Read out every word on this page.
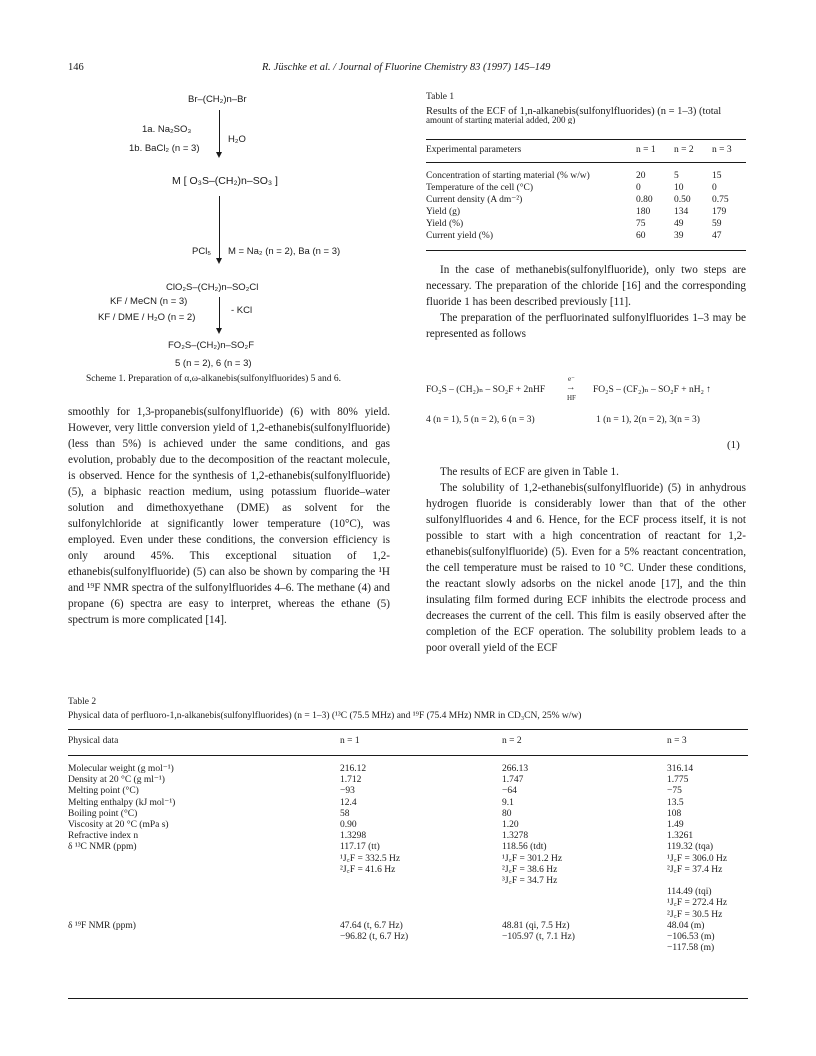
146	R. Jüschke et al. / Journal of Fluorine Chemistry 83 (1997) 145–149
Br–(CH₂)n–Br
1a. Na₂SO₃
1b. BaCl₂ (n = 3)
H₂O
M [ O₃S–(CH₂)n–SO₃ ]
PCl₅ M = Na₂ (n = 2), Ba (n = 3)
ClO₂S–(CH₂)n–SO₂Cl
KF / MeCN (n = 3)
KF / DME / H₂O (n = 2)
- KCl
FO₂S–(CH₂)n–SO₂F
5 (n = 2), 6 (n = 3)
Scheme 1. Preparation of α,ω-alkanebis(sulfonylfluorides) 5 and 6.

smoothly for 1,3-propanebis(sulfonylfluoride) (6) with 80% yield. However, very little conversion yield of 1,2-ethanebis(sulfonylfluoride) (less than 5%) is achieved under the same conditions, and gas evolution, probably due to the decomposition of the reactant molecule, is observed. Hence for the synthesis of 1,2-ethanebis(sulfonylfluoride) (5), a biphasic reaction medium, using potassium fluoride–water solution and dimethoxyethane (DME) as solvent for the sulfonylchloride at significantly lower temperature (10°C), was employed. Even under these conditions, the conversion efficiency is only around 45%. This exceptional situation of 1,2-ethanebis(sulfonylfluoride) (5) can also be shown by comparing the ¹H and ¹⁹F NMR spectra of the sulfonylfluorides 4–6. The methane (4) and propane (6) spectra are easy to interpret, whereas the ethane (5) spectrum is more complicated [14].

Table 1
Results of the ECF of 1,n-alkanebis(sulfonylfluorides) (n = 1–3) (total
amount of starting material added, 200 g)
Experimental parameters	n = 1	n = 2	n = 3
Concentration of starting material (% w/w)	20	5	15
Temperature of the cell (°C)	0	10	0
Current density (A dm⁻²)	0.80	0.50	0.75
Yield (g)	180	134	179
Yield (%)	75	49	59
Current yield (%)	60	39	47

In the case of methanebis(sulfonylfluoride), only two steps are necessary. The preparation of the chloride [16] and the corresponding fluoride 1 has been described previously [11].

The preparation of the perfluorinated sulfonylfluorides 1–3 may be represented as follows

FO₂S – (CH₂)ₙ – SO₂F + 2nHF
e⁻
→
HF
FO₂S – (CF₂)ₙ – SO₂F + nH₂ ↑
4 (n = 1), 5 (n = 2), 6 (n = 3)	1 (n = 1), 2(n = 2), 3(n = 3)
(1)

The results of ECF are given in Table 1.

The solubility of 1,2-ethanebis(sulfonylfluoride) (5) in anhydrous hydrogen fluoride is considerably lower than that of the other sulfonylfluorides 4 and 6. Hence, for the ECF process itself, it is not possible to start with a high concentration of reactant for 1,2-ethanebis(sulfonylfluoride) (5). Even for a 5% reactant concentration, the cell temperature must be raised to 10 °C. Under these conditions, the reactant slowly adsorbs on the nickel anode [17], and the thin insulating film formed during ECF inhibits the electrode process and decreases the current of the cell. This film is easily observed after the completion of the ECF operation. The solubility problem leads to a poor overall yield of the ECF

Table 2
Physical data of perfluoro-1,n-alkanebis(sulfonylfluorides) (n = 1–3) (¹³C (75.5 MHz) and ¹⁹F (75.4 MHz) NMR in CD₃CN, 25% w/w)
Physical data	n = 1	n = 2	n = 3
Molecular weight (g mol⁻¹)	216.12	266.13	316.14
Density at 20 °C (g ml⁻¹)	1.712	1.747	1.775
Melting point (°C)	−93	−64	−75
Melting enthalpy (kJ mol⁻¹)	12.4	9.1	13.5
Boiling point (°C)	58	80	108
Viscosity at 20 °C (mPa s)	0.90	1.20	1.49
Refractive index n	1.3298	1.3278	1.3261
δ ¹³C NMR (ppm)	117.17 (tt)	118.56 (tdt)	119.32 (tqa)
	¹J꜀F = 332.5 Hz	¹J꜀F = 301.2 Hz	¹J꜀F = 306.0 Hz
	²J꜀F = 41.6 Hz	²J꜀F = 38.6 Hz	²J꜀F = 37.4 Hz
		³J꜀F = 34.7 Hz	
			114.49 (tqi)
			¹J꜀F = 272.4 Hz
			²J꜀F = 30.5 Hz
δ ¹⁹F NMR (ppm)	47.64 (t, 6.7 Hz)	48.81 (qi, 7.5 Hz)	48.04 (m)
	−96.82 (t, 6.7 Hz)	−105.97 (t, 7.1 Hz)	−106.53 (m)
			−117.58 (m)
